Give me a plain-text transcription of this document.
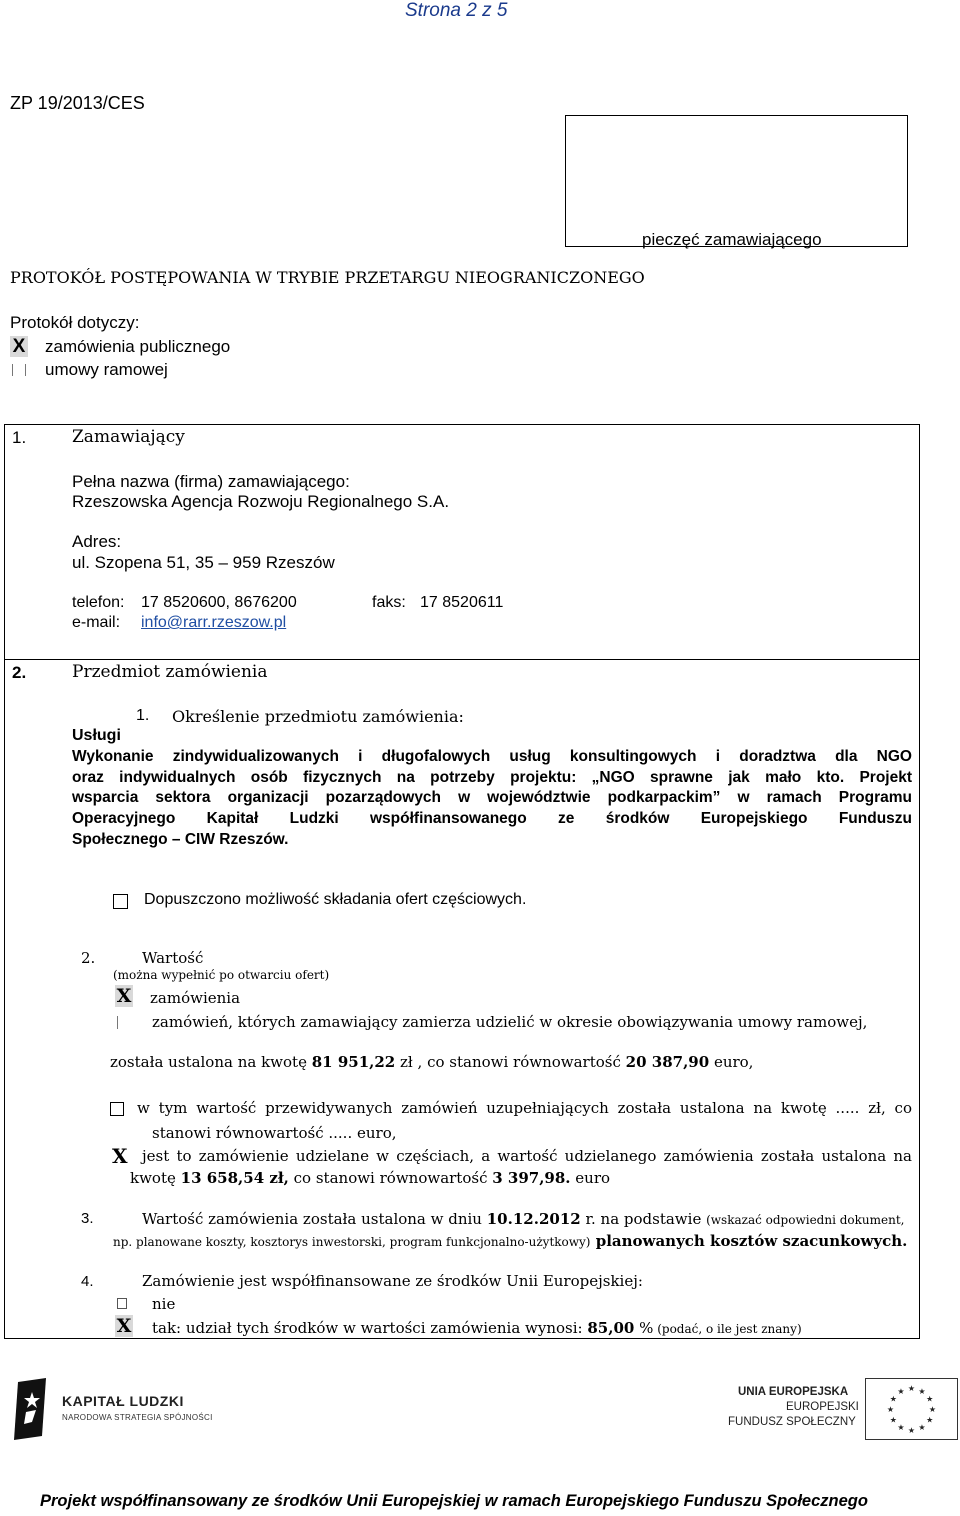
Strona 2 z 5
ZP 19/2013/CES
pieczęć zamawiającego
PROTOKÓŁ POSTĘPOWANIA W TRYBIE PRZETARGU NIEOGRANICZONEGO
Protokół dotyczy:
X zamówienia publicznego
umowy ramowej
1.	Zamawiający
Pełna nazwa (firma) zamawiającego:
Rzeszowska Agencja Rozwoju Regionalnego S.A.
Adres:
ul. Szopena 51, 35 – 959 Rzeszów
telefon: 17 8520600, 8676200	faks: 17 8520611
e-mail: info@rarr.rzeszow.pl
2.	Przedmiot zamówienia
1. Określenie przedmiotu zamówienia:
Usługi
Wykonanie zindywidualizowanych i długofalowych usług konsultingowych i doradztwa dla NGO
oraz indywidualnych osób fizycznych na potrzeby projektu: „NGO sprawne jak mało kto. Projekt
wsparcia sektora organizacji pozarządowych w województwie podkarpackim” w ramach Programu
Operacyjnego Kapitał Ludzki współfinansowanego ze środków Europejskiego Funduszu
Społecznego – CIW Rzeszów.
Dopuszczono możliwość składania ofert częściowych.
2.	Wartość
(można wypełnić po otwarciu ofert)
X zamówienia
zamówień, których zamawiający zamierza udzielić w okresie obowiązywania umowy ramowej,
została ustalona na kwotę 81 951,22 zł , co stanowi równowartość 20 387,90 euro,
w tym wartość przewidywanych zamówień uzupełniających została ustalona na kwotę ..... zł, co
stanowi równowartość ..... euro,
X jest to zamówienie udzielane w częściach, a wartość udzielanego zamówienia została ustalona na
kwotę 13 658,54 zł, co stanowi równowartość 3 397,98. euro
3.	Wartość zamówienia została ustalona w dniu 10.12.2012 r. na podstawie (wskazać odpowiedni dokument,
np. planowane koszty, kosztorys inwestorski, program funkcjonalno-użytkowy) planowanych kosztów szacunkowych.
4.	Zamówienie jest współfinansowane ze środków Unii Europejskiej:
nie
X tak: udział tych środków w wartości zamówienia wynosi: 85,00 % (podać, o ile jest znany)
KAPITAŁ LUDZKI
NARODOWA STRATEGIA SPÓJNOŚCI
UNIA EUROPEJSKA
EUROPEJSKI
FUNDUSZ SPOŁECZNY
★
★
★
★
★
★
★
★
★ ★ ★
★
Projekt współfinansowany ze środków Unii Europejskiej w ramach Europejskiego Funduszu Społecznego
